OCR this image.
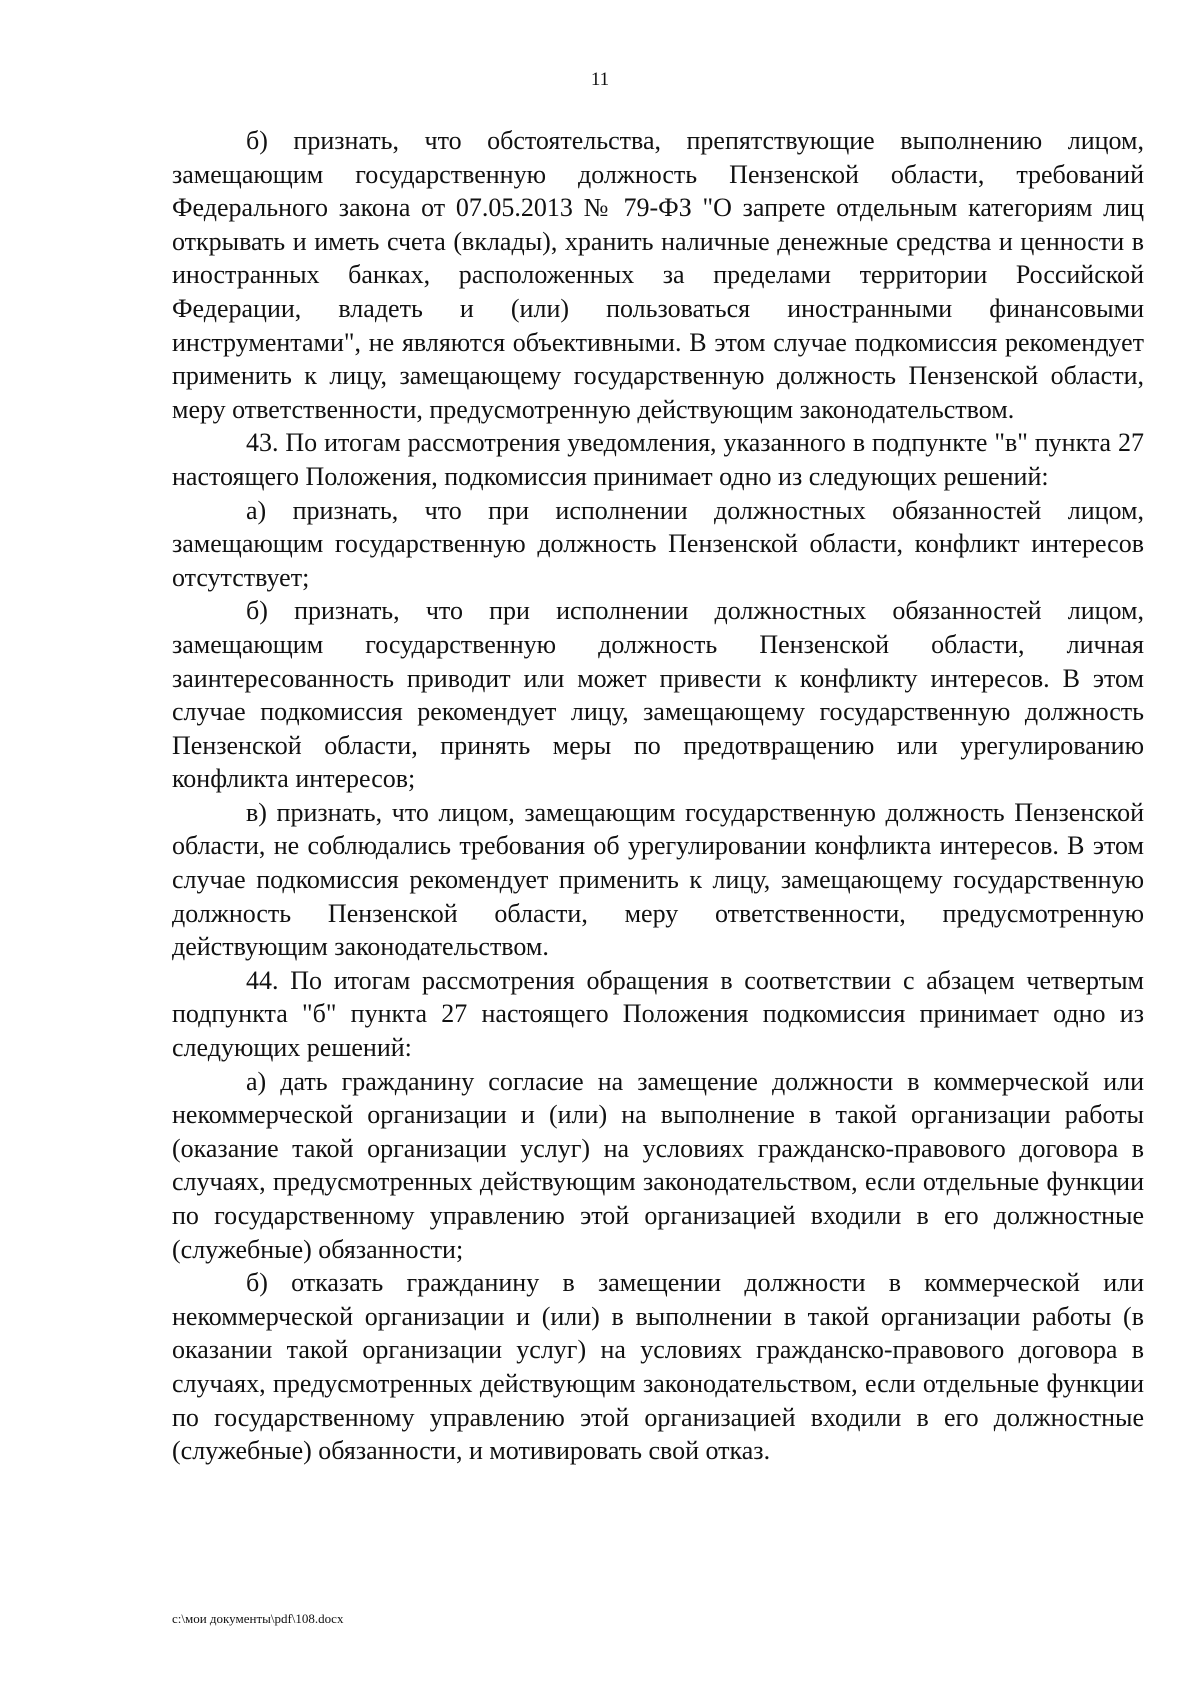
11

б) признать, что обстоятельства, препятствующие выполнению лицом, замещающим государственную должность Пензенской области, требований Федерального закона от 07.05.2013 № 79-ФЗ "О запрете отдельным категориям лиц открывать и иметь счета (вклады), хранить наличные денежные средства и ценности в иностранных банках, расположенных за пределами территории Российской Федерации, владеть и (или) пользоваться иностранными финансовыми инструментами", не являются объективными. В этом случае подкомиссия рекомендует применить к лицу, замещающему государственную должность Пензенской области, меру ответственности, предусмотренную действующим законодательством.

43. По итогам рассмотрения уведомления, указанного в подпункте "в" пункта 27 настоящего Положения, подкомиссия принимает одно из следующих решений:

а) признать, что при исполнении должностных обязанностей лицом, замещающим государственную должность Пензенской области, конфликт интересов отсутствует;

б) признать, что при исполнении должностных обязанностей лицом, замещающим государственную должность Пензенской области, личная заинтересованность приводит или может привести к конфликту интересов. В этом случае подкомиссия рекомендует лицу, замещающему государственную должность Пензенской области, принять меры по предотвращению или урегулированию конфликта интересов;

в) признать, что лицом, замещающим государственную должность Пензенской области, не соблюдались требования об урегулировании конфликта интересов. В этом случае подкомиссия рекомендует применить к лицу, замещающему государственную должность Пензенской области, меру ответственности, предусмотренную действующим законодательством.

44. По итогам рассмотрения обращения в соответствии с абзацем четвертым подпункта "б" пункта 27 настоящего Положения подкомиссия принимает одно из следующих решений:

а) дать гражданину согласие на замещение должности в коммерческой или некоммерческой организации и (или) на выполнение в такой организации работы (оказание такой организации услуг) на условиях гражданско-правового договора в случаях, предусмотренных действующим законодательством, если отдельные функции по государственному управлению этой организацией входили в его должностные (служебные) обязанности;

б) отказать гражданину в замещении должности в коммерческой или некоммерческой организации и (или) в выполнении в такой организации работы (в оказании такой организации услуг) на условиях гражданско-правового договора в случаях, предусмотренных действующим законодательством, если отдельные функции по государственному управлению этой организацией входили в его должностные (служебные) обязанности, и мотивировать свой отказ.

c:\мои документы\pdf\108.docx
